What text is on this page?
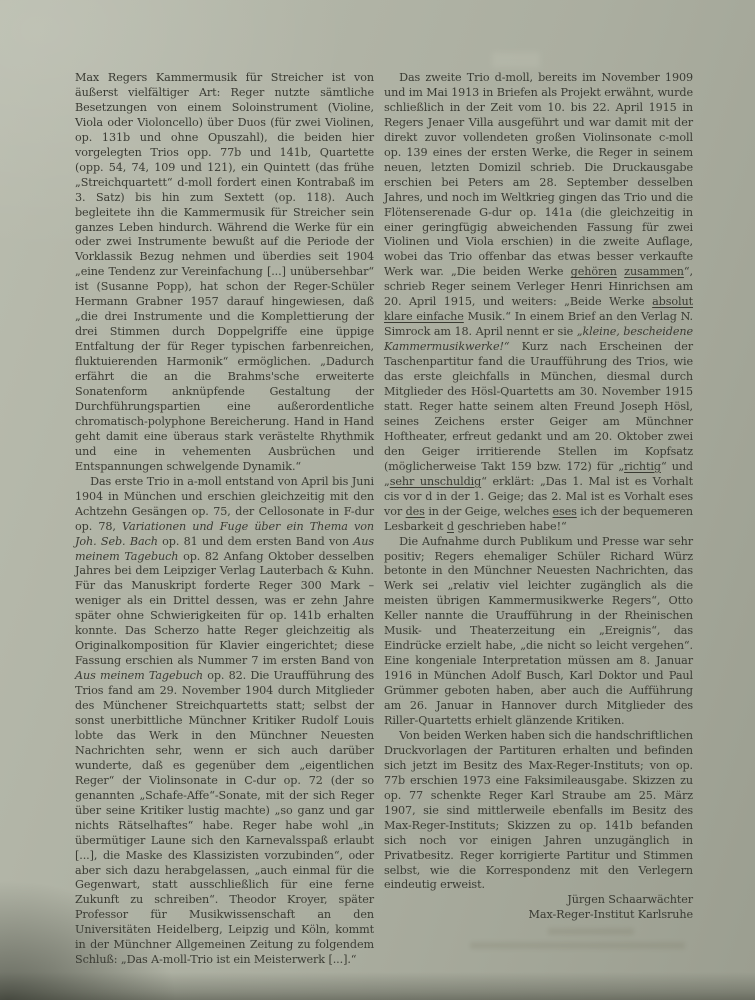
Max Regers Kammermusik für Streicher ist von äußerst vielfältiger Art: Reger nutzte sämtliche Besetzungen von einem Soloinstrument (Violine, Viola oder Violoncello) über Duos (für zwei Violinen, op. 131b und ohne Opuszahl), die beiden hier vorgelegten Trios opp. 77b und 141b, Quartette (opp. 54, 74, 109 und 121), ein Quintett (das frühe „Streichquartett“ d-moll fordert einen Kontrabaß im 3. Satz) bis hin zum Sextett (op. 118). Auch begleitete ihn die Kammermusik für Streicher sein ganzes Leben hindurch. Während die Werke für ein oder zwei Instrumente bewußt auf die Periode der Vorklassik Bezug nehmen und überdies seit 1904 „eine Tendenz zur Vereinfachung [...] unübersehbar“ ist (Susanne Popp), hat schon der Reger-Schüler Hermann Grabner 1957 darauf hingewiesen, daß „die drei Instrumente und die Komplettierung der drei Stimmen durch Doppelgriffe eine üppige Entfaltung der für Reger typischen farbenreichen, fluktuierenden Harmonik“ ermöglichen. „Dadurch erfährt die an die Brahms'sche erweiterte Sonatenform anknüpfende Gestaltung der Durchführungspartien eine außerordentliche chromatisch-polyphone Bereicherung. Hand in Hand geht damit eine überaus stark verästelte Rhythmik und eine in vehementen Ausbrüchen und Entspannungen schwelgende Dynamik.“

Das erste Trio in a-moll entstand von April bis Juni 1904 in München und erschien gleichzeitig mit den Achtzehn Gesängen op. 75, der Cellosonate in F-dur op. 78, Variationen und Fuge über ein Thema von Joh. Seb. Bach op. 81 und dem ersten Band von Aus meinem Tagebuch op. 82 Anfang Oktober desselben Jahres bei dem Leipziger Verlag Lauterbach & Kuhn. Für das Manuskript forderte Reger 300 Mark – weniger als ein Drittel dessen, was er zehn Jahre später ohne Schwierigkeiten für op. 141b erhalten konnte. Das Scherzo hatte Reger gleichzeitig als Originalkomposition für Klavier eingerichtet; diese Fassung erschien als Nummer 7 im ersten Band von Aus meinem Tagebuch op. 82. Die Uraufführung des Trios fand am 29. November 1904 durch Mitglieder des Münchener Streichquartetts statt; selbst der sonst unerbittliche Münchner Kritiker Rudolf Louis lobte das Werk in den Münchner Neuesten Nachrichten sehr, wenn er sich auch darüber wunderte, daß es gegenüber dem „eigentlichen Reger“ der Violinsonate in C-dur op. 72 (der so genannten „Schafe-Affe“-Sonate, mit der sich Reger über seine Kritiker lustig machte) „so ganz und gar nichts Rätselhaftes“ habe. Reger habe wohl „in übermütiger Laune sich den Karnevalsspaß erlaubt [...], die Maske des Klassizisten vorzubinden“, oder aber sich dazu herabgelassen, „auch einmal für die Gegenwart, statt ausschließlich für eine ferne Zukunft zu schreiben“. Theodor Kroyer, später Professor für Musikwissenschaft an den Universitäten Heidelberg, Leipzig und Köln, kommt in der Münchner Allgemeinen Zeitung zu folgendem Schluß: „Das A-moll-Trio ist ein Meisterwerk [...].“

Das zweite Trio d-moll, bereits im November 1909 und im Mai 1913 in Briefen als Projekt erwähnt, wurde schließlich in der Zeit vom 10. bis 22. April 1915 in Regers Jenaer Villa ausgeführt und war damit mit der direkt zuvor vollendeten großen Violinsonate c-moll op. 139 eines der ersten Werke, die Reger in seinem neuen, letzten Domizil schrieb. Die Druckausgabe erschien bei Peters am 28. September desselben Jahres, und noch im Weltkrieg gingen das Trio und die Flötenserenade G-dur op. 141a (die gleichzeitig in einer geringfügig abweichenden Fassung für zwei Violinen und Viola erschien) in die zweite Auflage, wobei das Trio offenbar das etwas besser verkaufte Werk war. „Die beiden Werke gehören zusammen“, schrieb Reger seinem Verleger Henri Hinrichsen am 20. April 1915, und weiters: „Beide Werke absolut klare einfache Musik.“ In einem Brief an den Verlag N. Simrock am 18. April nennt er sie „kleine, bescheidene Kammermusikwerke!“ Kurz nach Erscheinen der Taschenpartitur fand die Uraufführung des Trios, wie das erste gleichfalls in München, diesmal durch Mitglieder des Hösl-Quartetts am 30. November 1915 statt. Reger hatte seinem alten Freund Joseph Hösl, seines Zeichens erster Geiger am Münchner Hoftheater, erfreut gedankt und am 20. Oktober zwei den Geiger irritierende Stellen im Kopfsatz (möglicherweise Takt 159 bzw. 172) für „richtig“ und „sehr unschuldig“ erklärt: „Das 1. Mal ist es Vorhalt cis vor d in der 1. Geige; das 2. Mal ist es Vorhalt eses vor des in der Geige, welches eses ich der bequemeren Lesbarkeit d geschrieben habe!“

Die Aufnahme durch Publikum und Presse war sehr positiv; Regers ehemaliger Schüler Richard Würz betonte in den Münchner Neuesten Nachrichten, das Werk sei „relativ viel leichter zugänglich als die meisten übrigen Kammermusikwerke Regers“, Otto Keller nannte die Uraufführung in der Rheinischen Musik- und Theaterzeitung ein „Ereignis“, das Eindrücke erzielt habe, „die nicht so leicht vergehen“. Eine kongeniale Interpretation müssen am 8. Januar 1916 in München Adolf Busch, Karl Doktor und Paul Grümmer geboten haben, aber auch die Aufführung am 26. Januar in Hannover durch Mitglieder des Riller-Quartetts erhielt glänzende Kritiken.

Von beiden Werken haben sich die handschriftlichen Druckvorlagen der Partituren erhalten und befinden sich jetzt im Besitz des Max-Reger-Instituts; von op. 77b erschien 1973 eine Faksimileausgabe. Skizzen zu op. 77 schenkte Reger Karl Straube am 25. März 1907, sie sind mittlerweile ebenfalls im Besitz des Max-Reger-Instituts; Skizzen zu op. 141b befanden sich noch vor einigen Jahren unzugänglich in Privatbesitz. Reger korrigierte Partitur und Stimmen selbst, wie die Korrespondenz mit den Verlegern eindeutig erweist.

Jürgen Schaarwächter
Max-Reger-Institut Karlsruhe
